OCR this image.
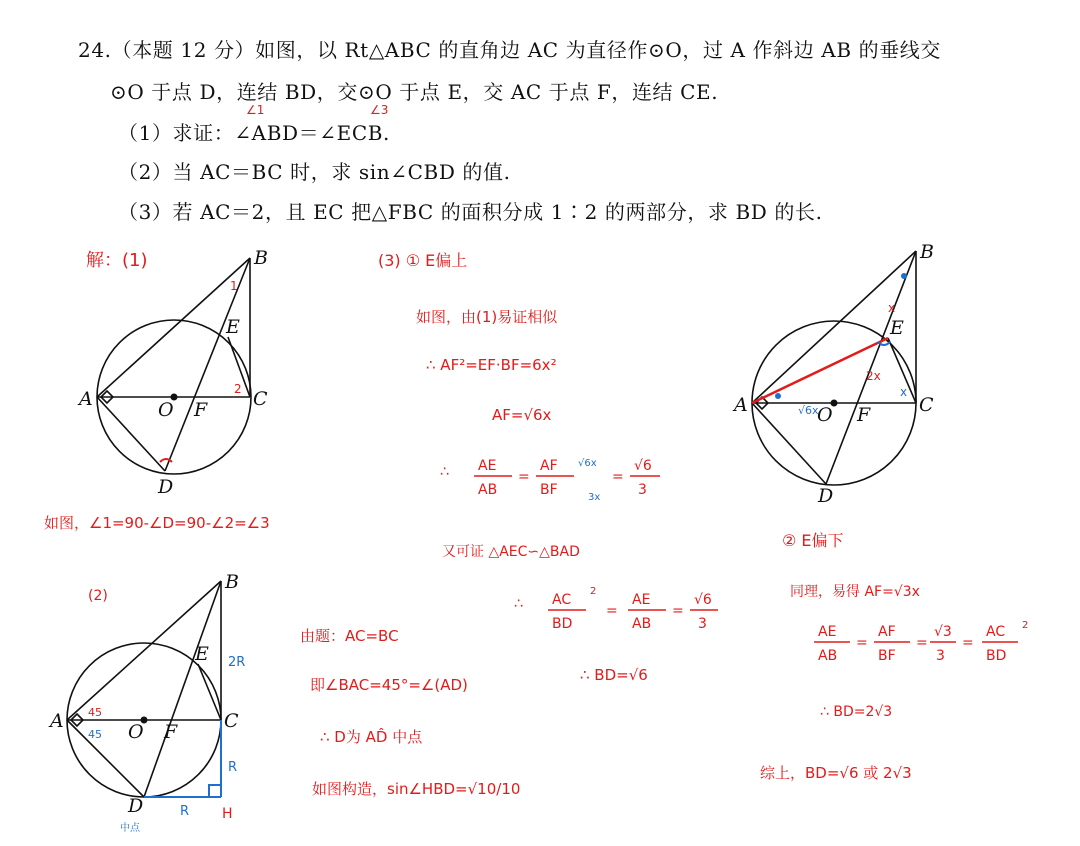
24.（本题 12 分）如图，以 Rt△ABC 的直角边 AC 为直径作⊙O，过 A 作斜边 AB 的垂线交
⊙O 于点 D，连结 BD，交⊙O 于点 E，交 AC 于点 F，连结 CE.
（1）求证：∠ABD＝∠ECB.
（2）当 AC＝BC 时，求 sin∠CBD 的值.
（3）若 AC＝2，且 EC 把△FBC 的面积分成 1∶2 的两部分，求 BD 的长.
∠1	∠3
B
E
C
A	O F
D
1
2
解：(1)
如图，∠1=90-∠D=90-∠2=∠3
B
E
C
A	O F
D
(2)
45
45
2R
R
R H
中点
由题：AC=BC
即∠BAC=45°=∠(AD)
∴ D为 AD̂ 中点
如图构造，sin∠HBD=√10/10
(3) ① E偏上
如图，由(1)易证相似
∴ AF²=EF·BF=6x²
AF=√6x
∴ AE
AB
=
AF
BF
√6x
3x
=
√6
3
又可证 △AEC∽△BAD
∴ AC
BD
2
=
AE
AB
=
√6
3
∴ BD=√6
B
E
C
A	O F
D
x
2x
x
√6x
② E偏下
同理，易得 AF=√3x
AE
AB
=
AF
BF
=
√3
3
=
AC
BD
2
∴ BD=2√3
综上，BD=√6 或 2√3
